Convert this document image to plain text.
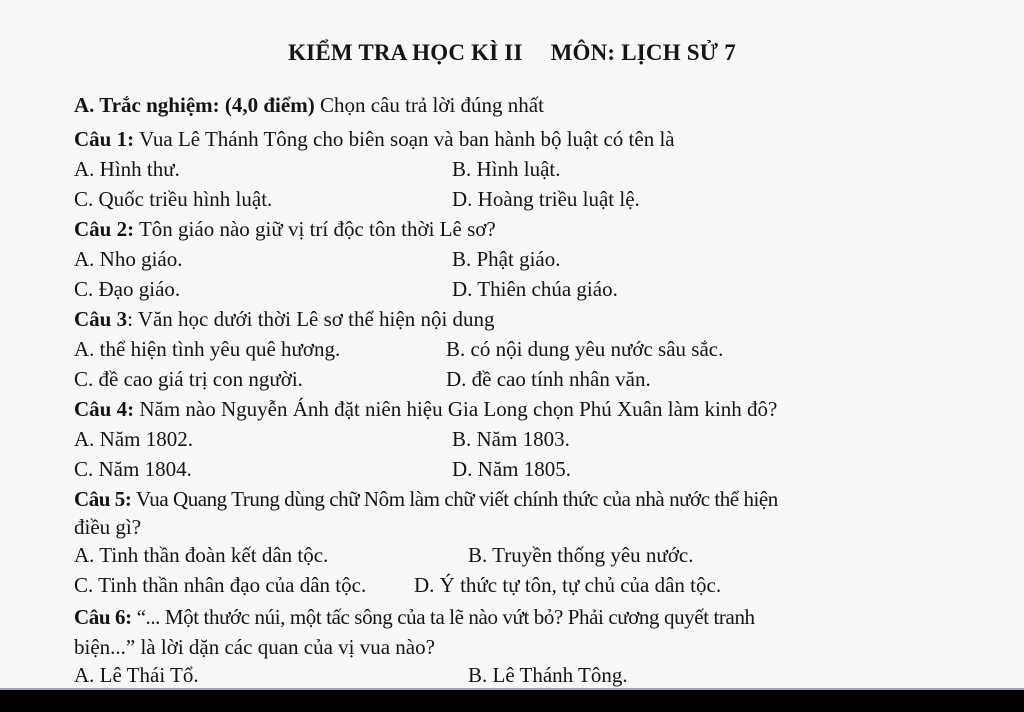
KIỂM TRA HỌC KÌ II MÔN: LỊCH SỬ 7
A. Trắc nghiệm: (4,0 điểm) Chọn câu trả lời đúng nhất
Câu 1: Vua Lê Thánh Tông cho biên soạn và ban hành bộ luật có tên là
A. Hình thư.	B. Hình luật.
C. Quốc triều hình luật.	D. Hoàng triều luật lệ.
Câu 2: Tôn giáo nào giữ vị trí độc tôn thời Lê sơ?
A. Nho giáo.	B. Phật giáo.
C. Đạo giáo.	D. Thiên chúa giáo.
Câu 3: Văn học dưới thời Lê sơ thể hiện nội dung
A. thể hiện tình yêu quê hương.	B. có nội dung yêu nước sâu sắc.
C. đề cao giá trị con người.	D. đề cao tính nhân văn.
Câu 4: Năm nào Nguyễn Ánh đặt niên hiệu Gia Long chọn Phú Xuân làm kinh đô?
A. Năm 1802.	B. Năm 1803.
C. Năm 1804.	D. Năm 1805.
Câu 5: Vua Quang Trung dùng chữ Nôm làm chữ viết chính thức của nhà nước thể hiện
điều gì?
A. Tinh thần đoàn kết dân tộc.	B. Truyền thống yêu nước.
C. Tinh thần nhân đạo của dân tộc. D. Ý thức tự tôn, tự chủ của dân tộc.
Câu 6: “... Một thước núi, một tấc sông của ta lẽ nào vứt bỏ? Phải cương quyết tranh
biện...” là lời dặn các quan của vị vua nào?
A. Lê Thái Tổ.	B. Lê Thánh Tông.
